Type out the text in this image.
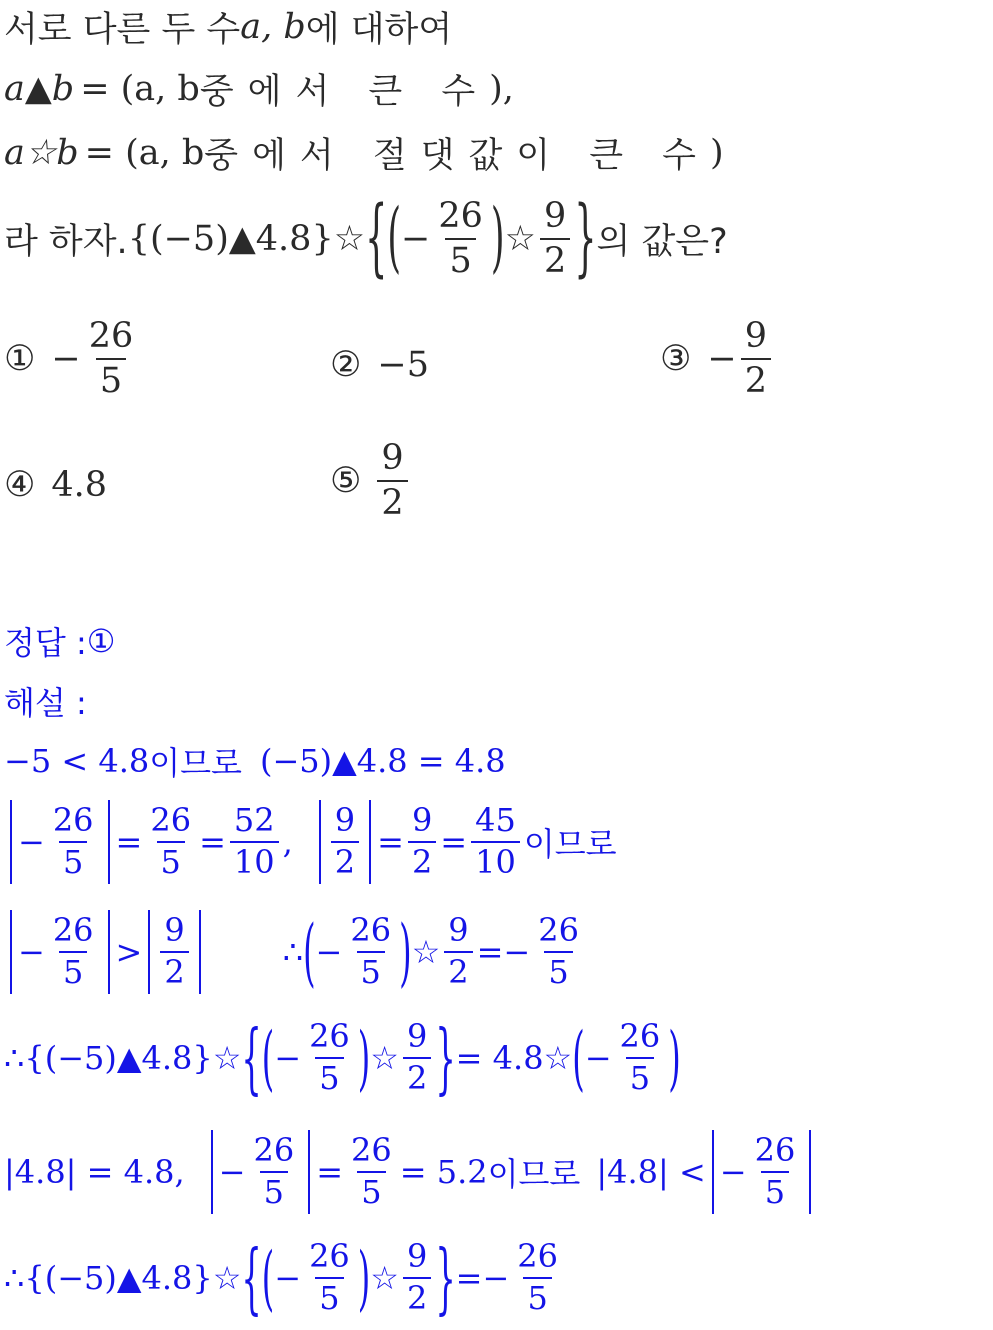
서로 다른 두 수 a, b 에 대하여
a▲b = (a, b 중에서 큰 수 ),
a☆b = (a, b 중에서 절댓값이 큰 수 )
라 하자. {(−5)▲4.8}☆ { ( − $\frac{26}{5}$ ) ☆ $\frac{9}{2}$ } 의 값은?
① − $\frac{26}{5}$	② −5	③ − $\frac{9}{2}$
④ 4.8	⑤ $\frac{9}{2}$
정답 : ①
해설 :
−5 < 4.8 이므로 (−5)▲4.8 = 4.8
− $\frac{26}{5} = \frac{26}{5} = \frac{52}{10}$ , $\frac{9}{2} = \frac{9}{2} = \frac{45}{10}$ 이므로
− $\frac{26}{5} > \frac{9}{2}$	∴ ( − $\frac{26}{5}$ ) ☆ $\frac{9}{2} =- \frac{26}{5}$
∴ {(−5)▲4.8}☆ { ( − $\frac{26}{5}$ ) ☆ $\frac{9}{2}$ } = 4.8☆ ( − $\frac{26}{5}$ )
|4.8| = 4.8, − $\frac{26}{5} = \frac{26}{5} = 5.2$ 이므로 |4.8| < − $\frac{26}{5}$
∴ {(−5)▲4.8}☆ { ( − $\frac{26}{5}$ ) ☆ $\frac{9}{2}$ } =− $\frac{26}{5}$
